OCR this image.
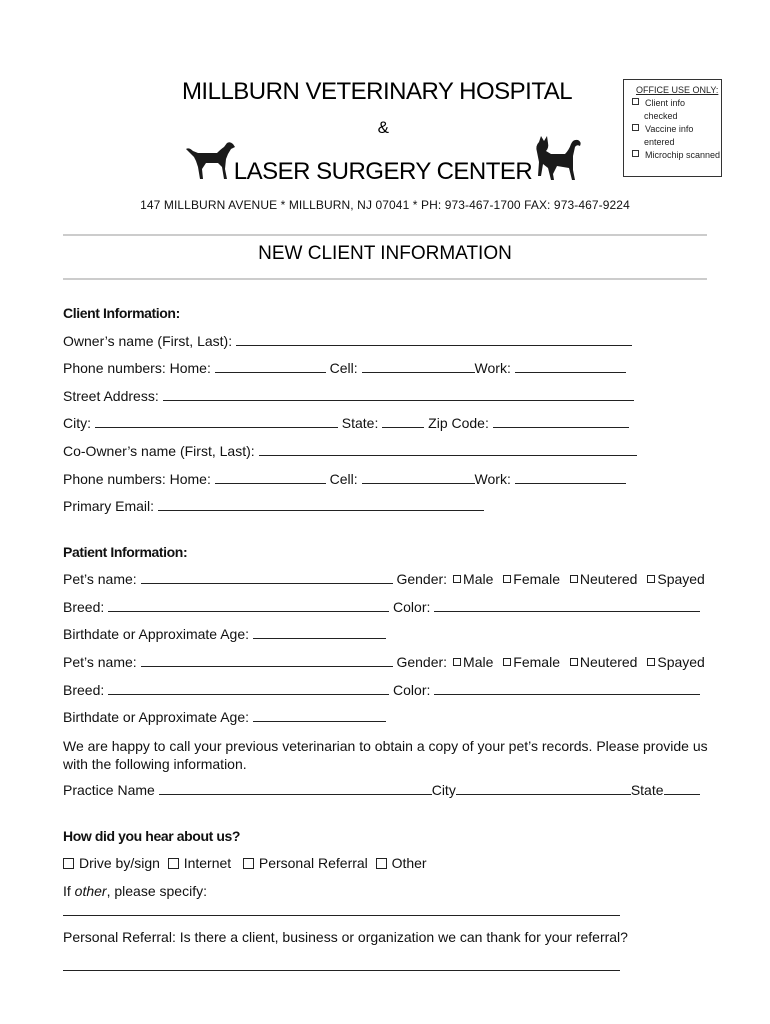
MILLBURN VETERINARY HOSPITAL
&
LASER SURGERY CENTER
OFFICE USE ONLY:
Client info checked
Vaccine info entered
Microchip scanned
147 MILLBURN AVENUE * MILLBURN, NJ 07041 * PH: 973-467-1700 FAX: 973-467-9224
NEW CLIENT INFORMATION
Client Information:
Owner’s name (First, Last):
Phone numbers: Home:	Cell:	Work:
Street Address:
City:	State:	Zip Code:
Co-Owner’s name (First, Last):
Phone numbers: Home:	Cell:	Work:
Primary Email:
Patient Information:
Pet’s name:	Gender: Male Female Neutered Spayed
Breed:	Color:
Birthdate or Approximate Age:
Pet’s name:	Gender: Male Female Neutered Spayed
Breed:	Color:
Birthdate or Approximate Age:
We are happy to call your previous veterinarian to obtain a copy of your pet’s records. Please provide us with the following information.
Practice Name	City	State
How did you hear about us?
Drive by/sign Internet Personal Referral Other
If other, please specify:
Personal Referral: Is there a client, business or organization we can thank for your referral?
